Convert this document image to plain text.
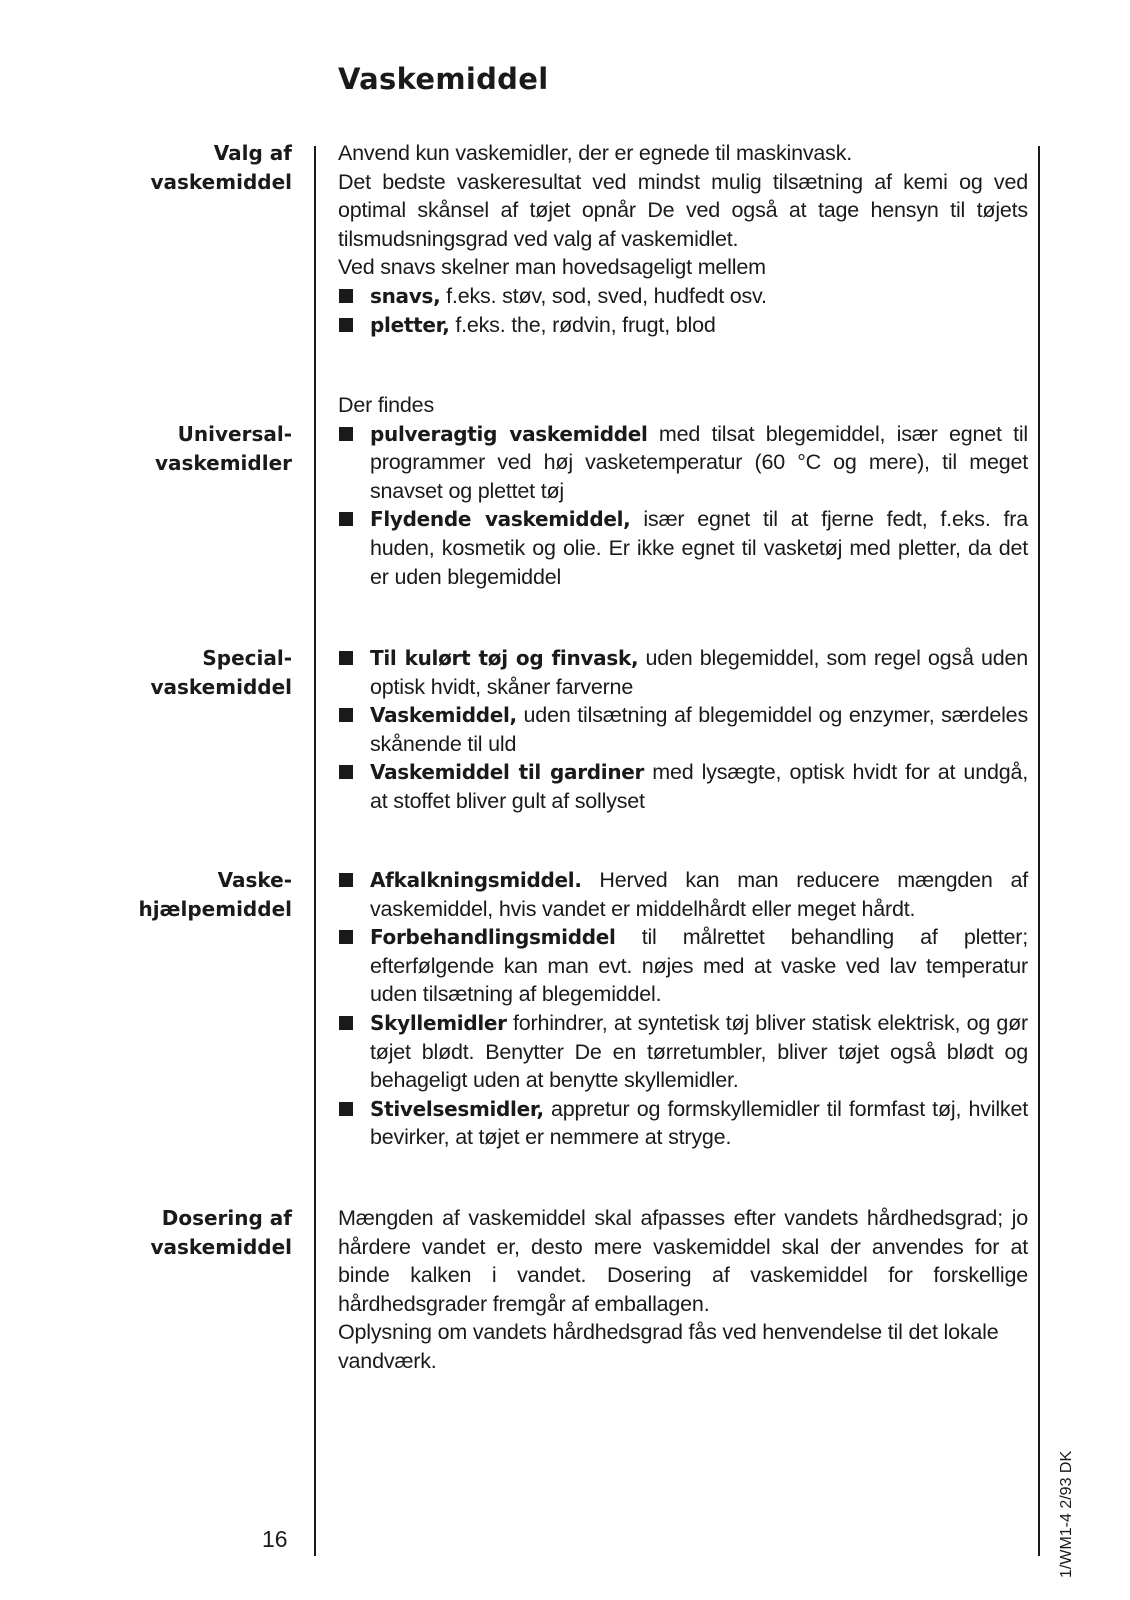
Vaskemiddel
Valg af
vaskemiddel

Anvend kun vaskemidler, der er egnede til maskinvask.

Det bedste vaskeresultat ved mindst mulig tilsætning af kemi og ved optimal skånsel af tøjet opnår De ved også at tage hensyn til tøjets tilsmudsningsgrad ved valg af vaskemidlet.

Ved snavs skelner man hovedsageligt mellem

snavs, f.eks. støv, sod, sved, hudfedt osv.

pletter, f.eks. the, rødvin, frugt, blod

Universal-
vaskemidler

Der findes

pulveragtig vaskemiddel med tilsat blegemiddel, især egnet til programmer ved høj vasketemperatur (60 °C og mere), til meget snavset og plettet tøj

Flydende vaskemiddel, især egnet til at fjerne fedt, f.eks. fra huden, kosmetik og olie. Er ikke egnet til vasketøj med pletter, da det er uden blegemiddel

Special-
vaskemiddel

Til kulørt tøj og finvask, uden blegemiddel, som regel også uden optisk hvidt, skåner farverne

Vaskemiddel, uden tilsætning af blegemiddel og enzymer, særdeles skånende til uld

Vaskemiddel til gardiner med lysægte, optisk hvidt for at undgå, at stoffet bliver gult af sollyset

Vaske-
hjælpemiddel

Afkalkningsmiddel. Herved kan man reducere mængden af vaskemiddel, hvis vandet er middelhårdt eller meget hårdt.

Forbehandlingsmiddel til målrettet behandling af pletter; efterfølgende kan man evt. nøjes med at vaske ved lav temperatur uden tilsætning af blegemiddel.

Skyllemidler forhindrer, at syntetisk tøj bliver statisk elektrisk, og gør tøjet blødt. Benytter De en tørretumbler, bliver tøjet også blødt og behageligt uden at benytte skyllemidler.

Stivelsesmidler, appretur og formskyllemidler til formfast tøj, hvilket bevirker, at tøjet er nemmere at stryge.

Dosering af
vaskemiddel

Mængden af vaskemiddel skal afpasses efter vandets hårdhedsgrad; jo hårdere vandet er, desto mere vaskemiddel skal der anvendes for at binde kalken i vandet. Dosering af vaskemiddel for forskellige hårdhedsgrader fremgår af emballagen.

Oplysning om vandets hårdhedsgrad fås ved henvendelse til det lokale vandværk.

16	1/WM1-4 2/93 DK
